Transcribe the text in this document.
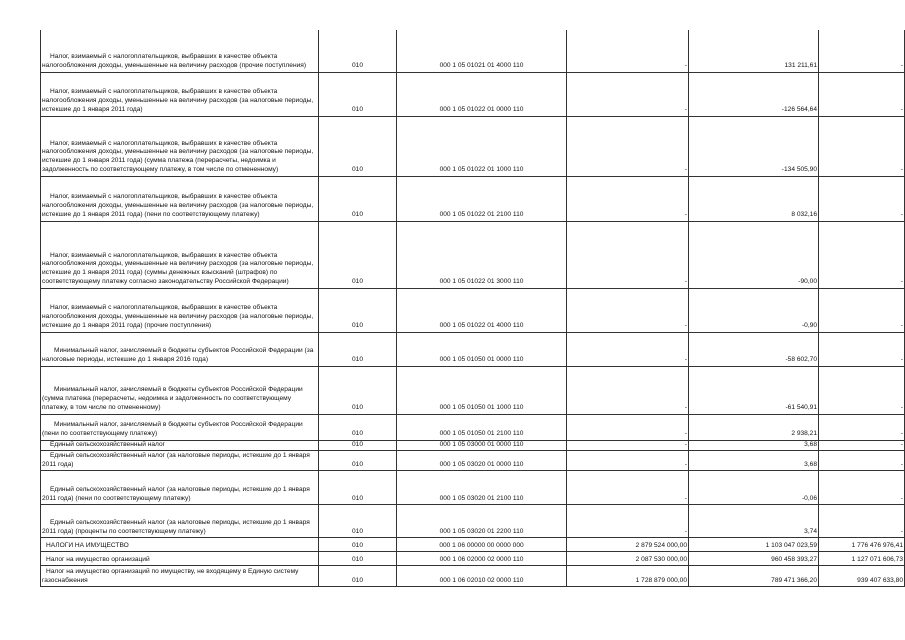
Налог, взимаемый с налогоплательщиков, выбравших в качестве объекта налогообложения доходы, уменьшенные на величину расходов (прочие поступления)	010	000 1 05 01021 01 4000 110	-	131 211,61	-

Налог, взимаемый с налогоплательщиков, выбравших в качестве объекта налогообложения доходы, уменьшенные на величину расходов (за налоговые периоды, истекшие до 1 января 2011 года)	010	000 1 05 01022 01 0000 110	-	-126 564,64	-

Налог, взимаемый с налогоплательщиков, выбравших в качестве объекта налогообложения доходы, уменьшенные на величину расходов (за налоговые периоды, истекшие до 1 января 2011 года) (сумма платежа (перерасчеты, недоимка и задолженность по соответствующему платежу, в том числе по отмененному)	010	000 1 05 01022 01 1000 110	-	-134 505,90	-

Налог, взимаемый с налогоплательщиков, выбравших в качестве объекта налогообложения доходы, уменьшенные на величину расходов (за налоговые периоды, истекшие до 1 января 2011 года) (пени по соответствующему платежу)	010	000 1 05 01022 01 2100 110	-	8 032,16	-

Налог, взимаемый с налогоплательщиков, выбравших в качестве объекта налогообложения доходы, уменьшенные на величину расходов (за налоговые периоды, истекшие до 1 января 2011 года) (суммы денежных взысканий (штрафов) по соответствующему платежу согласно законодательству Российской Федерации)	010	000 1 05 01022 01 3000 110	-	-90,00	-

Налог, взимаемый с налогоплательщиков, выбравших в качестве объекта налогообложения доходы, уменьшенные на величину расходов (за налоговые периоды, истекшие до 1 января 2011 года) (прочие поступления)	010	000 1 05 01022 01 4000 110	-	-0,90	-

Минимальный налог, зачисляемый в бюджеты субъектов Российской Федерации (за налоговые периоды, истекшие до 1 января 2016 года)	010	000 1 05 01050 01 0000 110	-	-58 602,70	-

Минимальный налог, зачисляемый в бюджеты субъектов Российской Федерации (сумма платежа (перерасчеты, недоимка и задолженность по соответствующему платежу, в том числе по отмененному)	010	000 1 05 01050 01 1000 110	-	-61 540,91	-

Минимальный налог, зачисляемый в бюджеты субъектов Российской Федерации (пени по соответствующему платежу)	010	000 1 05 01050 01 2100 110	-	2 938,21	-

Единый сельскохозяйственный налог	010	000 1 05 03000 01 0000 110	-	3,68	-

Единый сельскохозяйственный налог (за налоговые периоды, истекшие до 1 января 2011 года)	010	000 1 05 03020 01 0000 110	-	3,68	-

Единый сельскохозяйственный налог (за налоговые периоды, истекшие до 1 января 2011 года) (пени по соответствующему платежу)	010	000 1 05 03020 01 2100 110	-	-0,06	-

Единый сельскохозяйственный налог (за налоговые периоды, истекшие до 1 января 2011 года) (проценты по соответствующему платежу)	010	000 1 05 03020 01 2200 110	-	3,74	-

НАЛОГИ НА ИМУЩЕСТВО	010	000 1 06 00000 00 0000 000	2 879 524 000,00	1 103 047 023,59	1 776 476 976,41

Налог на имущество организаций	010	000 1 06 02000 02 0000 110	2 087 530 000,00	960 458 393,27	1 127 071 606,73

Налог на имущество организаций по имуществу, не входящему в Единую систему газоснабжения	010	000 1 06 02010 02 0000 110	1 728 879 000,00	789 471 366,20	939 407 633,80
